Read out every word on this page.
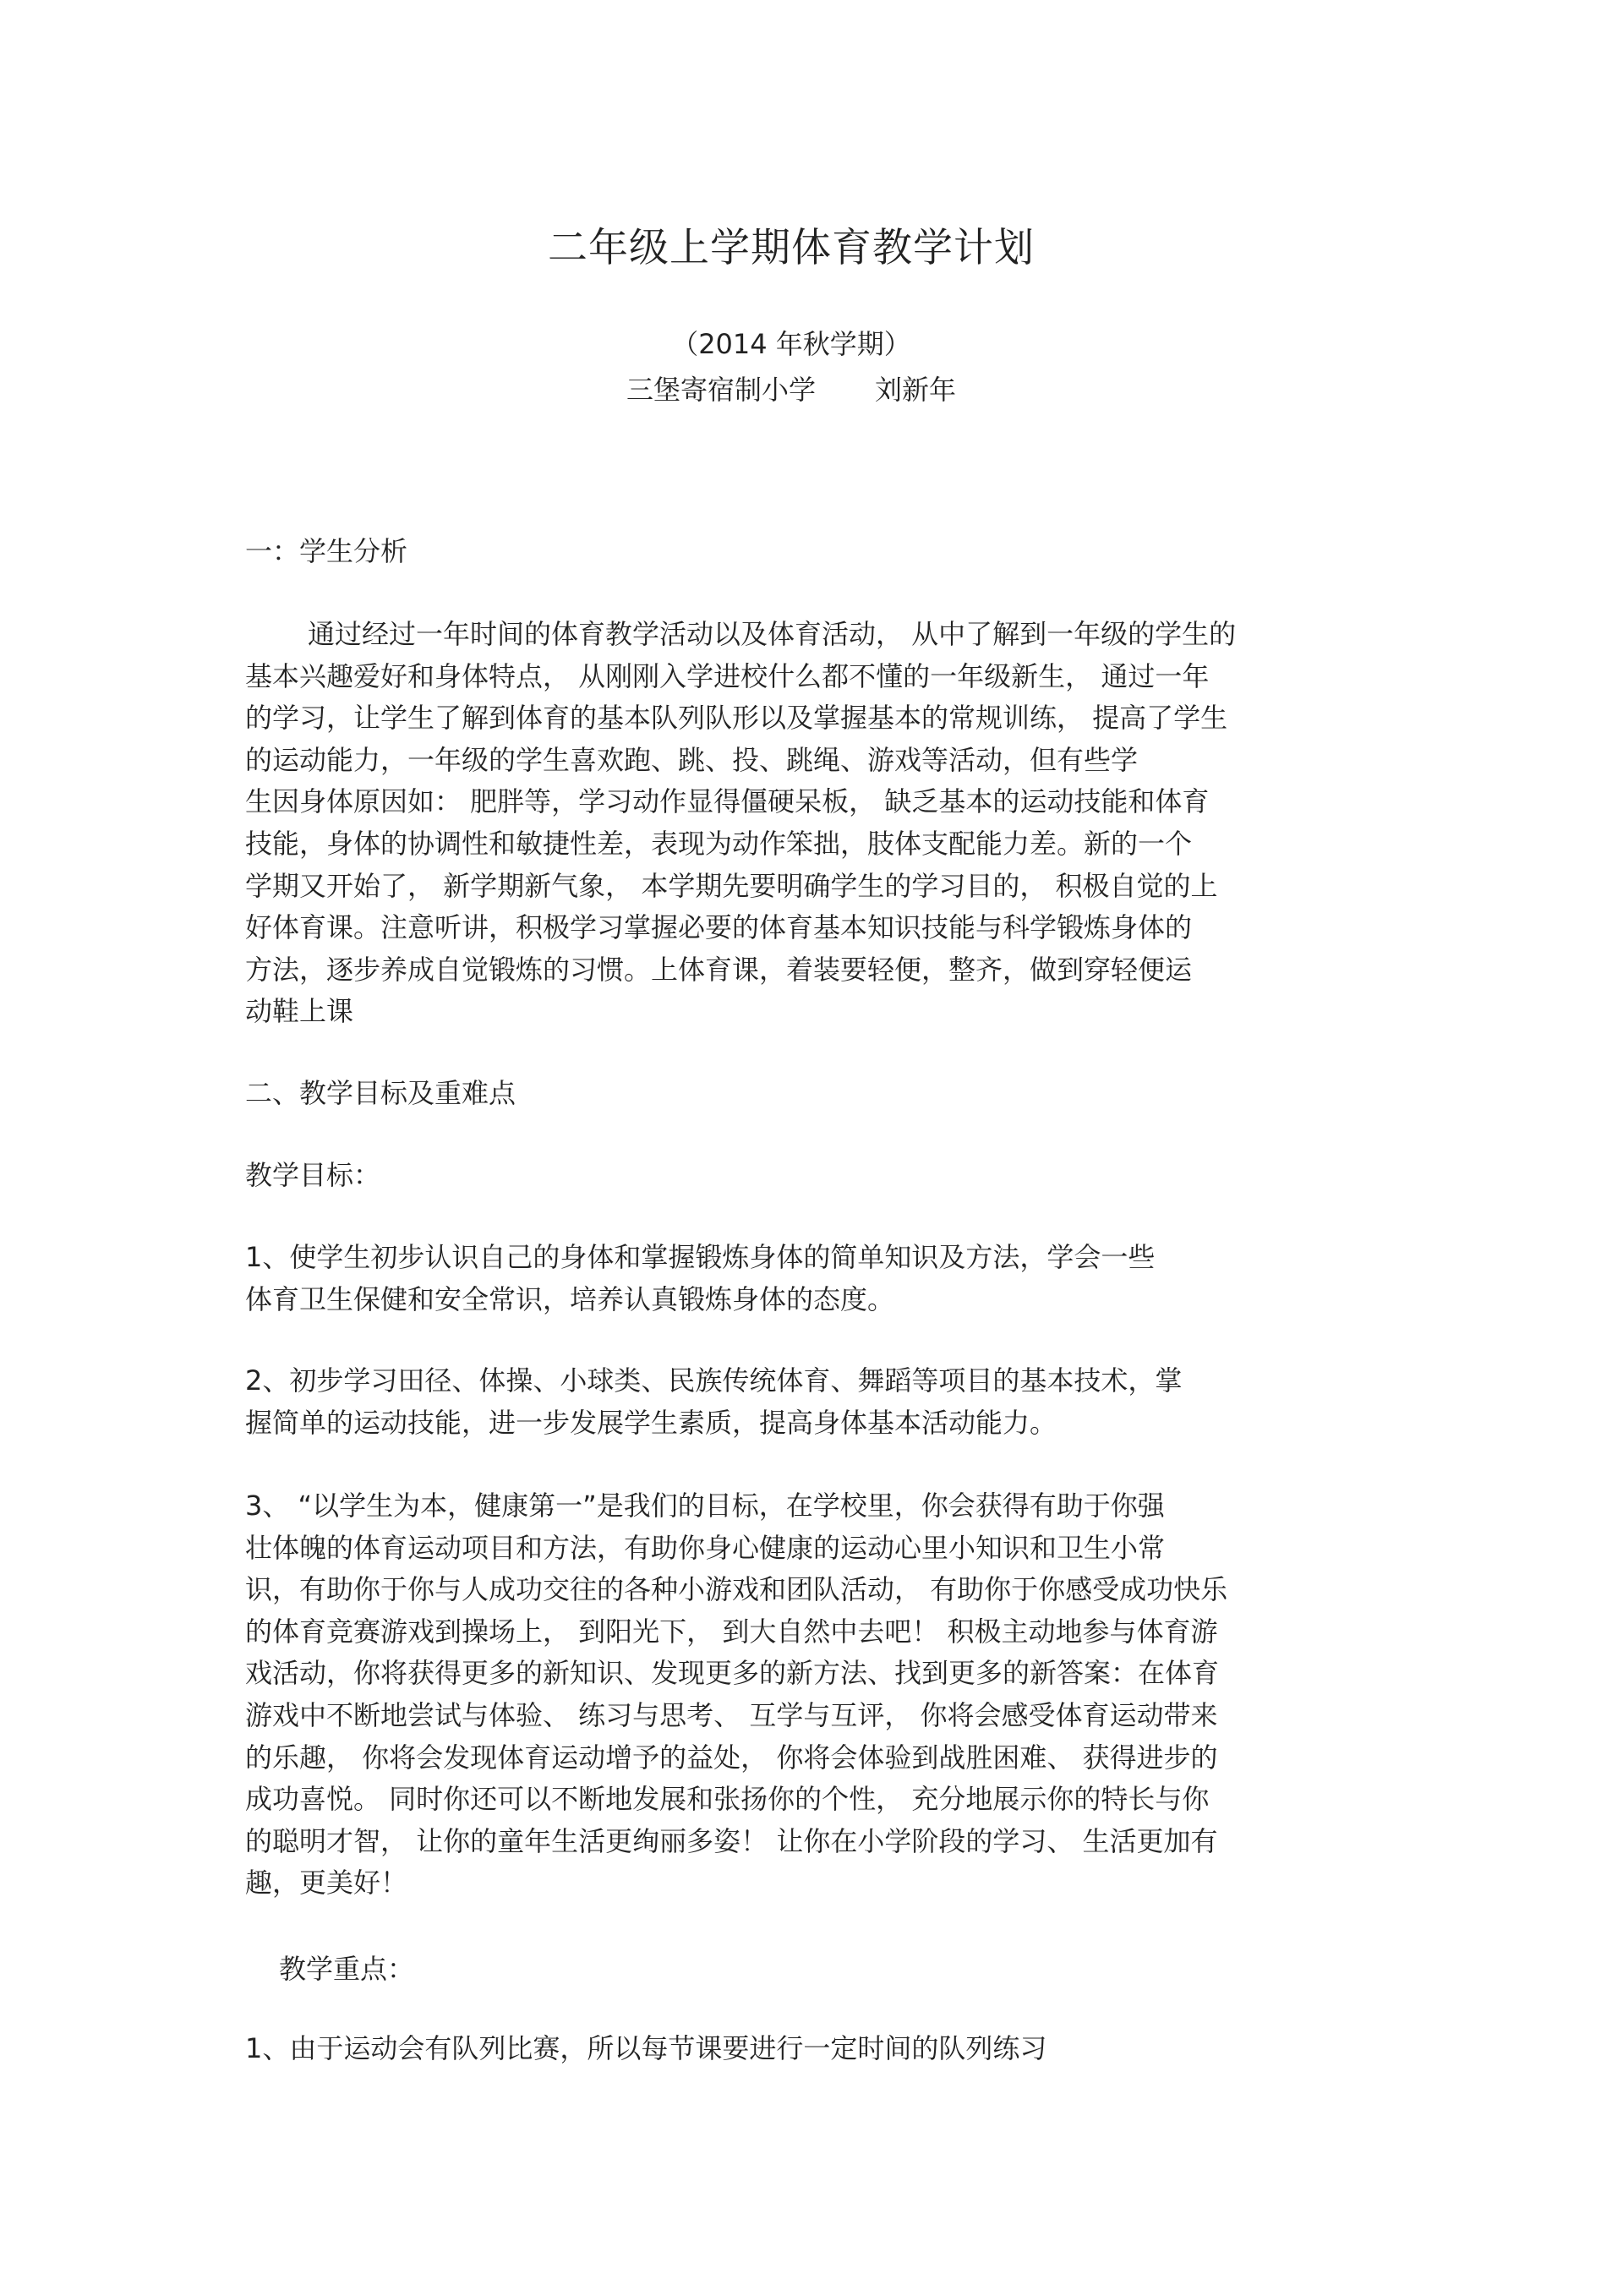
二年级上学期体育教学计划
（2014 年秋学期）
三堡寄宿制小学 刘新年
一：学生分析
通过经过一年时间的体育教学活动以及体育活动， 从中了解到一年级的学生的
基本兴趣爱好和身体特点， 从刚刚入学进校什么都不懂的一年级新生， 通过一年
的学习，让学生了解到体育的基本队列队形以及掌握基本的常规训练， 提高了学生
的运动能力，一年级的学生喜欢跑、跳、投、跳绳、游戏等活动，但有些学
生因身体原因如： 肥胖等，学习动作显得僵硬呆板， 缺乏基本的运动技能和体育
技能，身体的协调性和敏捷性差，表现为动作笨拙，肢体支配能力差。新的一个
学期又开始了， 新学期新气象， 本学期先要明确学生的学习目的， 积极自觉的上
好体育课。注意听讲，积极学习掌握必要的体育基本知识技能与科学锻炼身体的
方法，逐步养成自觉锻炼的习惯。上体育课，着装要轻便，整齐，做到穿轻便运
动鞋上课
二、教学目标及重难点
教学目标：
1、使学生初步认识自己的身体和掌握锻炼身体的简单知识及方法，学会一些
体育卫生保健和安全常识，培养认真锻炼身体的态度。
2、初步学习田径、体操、小球类、民族传统体育、舞蹈等项目的基本技术，掌
握简单的运动技能，进一步发展学生素质，提高身体基本活动能力。
3、 “以学生为本，健康第一”是我们的目标，在学校里，你会获得有助于你强
壮体魄的体育运动项目和方法，有助你身心健康的运动心里小知识和卫生小常
识，有助你于你与人成功交往的各种小游戏和团队活动， 有助你于你感受成功快乐
的体育竞赛游戏到操场上， 到阳光下， 到大自然中去吧！ 积极主动地参与体育游
戏活动，你将获得更多的新知识、发现更多的新方法、找到更多的新答案：在体育
游戏中不断地尝试与体验、 练习与思考、 互学与互评， 你将会感受体育运动带来
的乐趣， 你将会发现体育运动增予的益处， 你将会体验到战胜困难、 获得进步的
成功喜悦。 同时你还可以不断地发展和张扬你的个性， 充分地展示你的特长与你
的聪明才智， 让你的童年生活更绚丽多姿！ 让你在小学阶段的学习、 生活更加有
趣，更美好！
教学重点：
1、由于运动会有队列比赛，所以每节课要进行一定时间的队列练习
